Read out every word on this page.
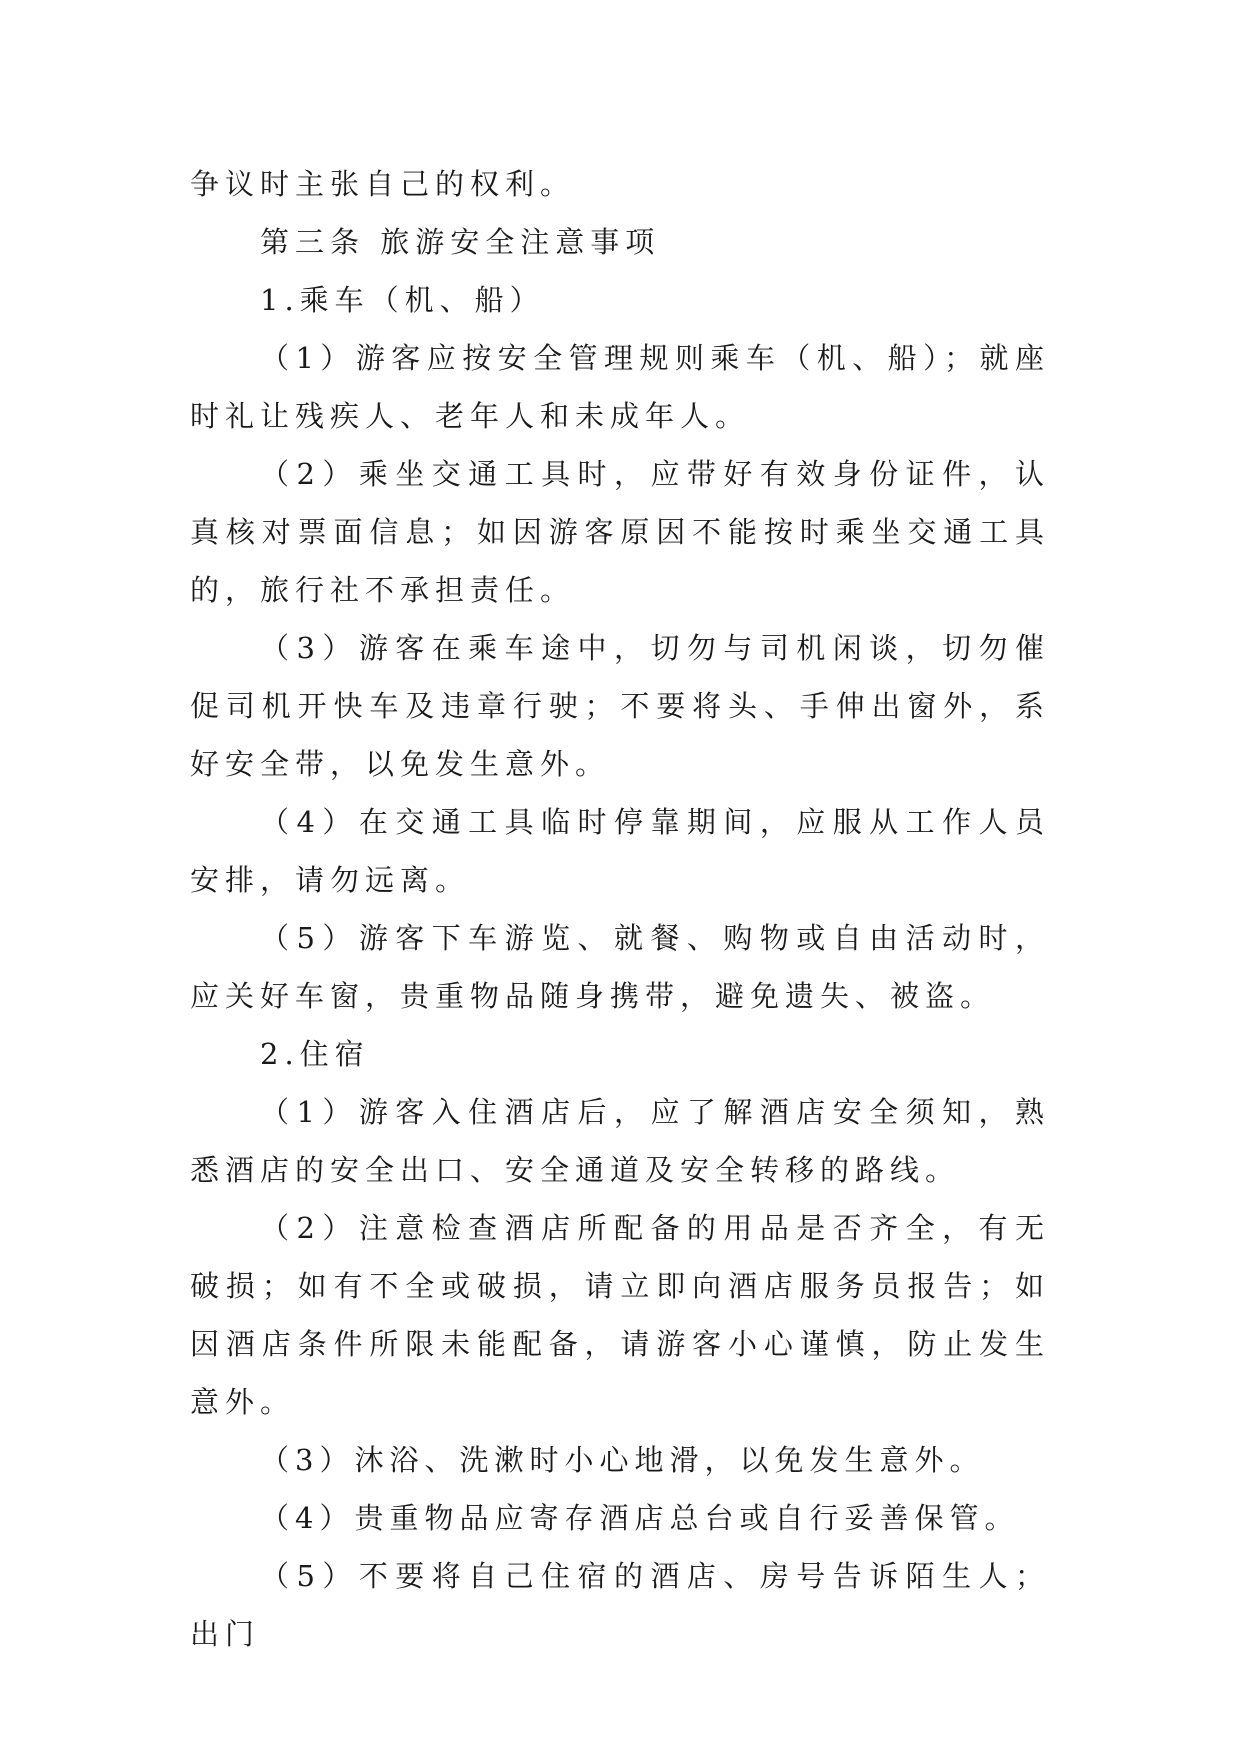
争议时主张自己的权利。

第三条 旅游安全注意事项

1.乘车（机、船）

（1）游客应按安全管理规则乘车（机、船）；就座时礼让残疾人、老年人和未成年人。

（2）乘坐交通工具时，应带好有效身份证件，认真核对票面信息；如因游客原因不能按时乘坐交通工具的，旅行社不承担责任。

（3）游客在乘车途中，切勿与司机闲谈，切勿催促司机开快车及违章行驶；不要将头、手伸出窗外，系好安全带，以免发生意外。

（4）在交通工具临时停靠期间，应服从工作人员安排，请勿远离。

（5）游客下车游览、就餐、购物或自由活动时，应关好车窗，贵重物品随身携带，避免遗失、被盗。

2.住宿

（1）游客入住酒店后，应了解酒店安全须知，熟悉酒店的安全出口、安全通道及安全转移的路线。

（2）注意检查酒店所配备的用品是否齐全，有无破损；如有不全或破损，请立即向酒店服务员报告；如因酒店条件所限未能配备，请游客小心谨慎，防止发生意外。

（3）沐浴、洗漱时小心地滑，以免发生意外。

（4）贵重物品应寄存酒店总台或自行妥善保管。

（5）不要将自己住宿的酒店、房号告诉陌生人；出门
